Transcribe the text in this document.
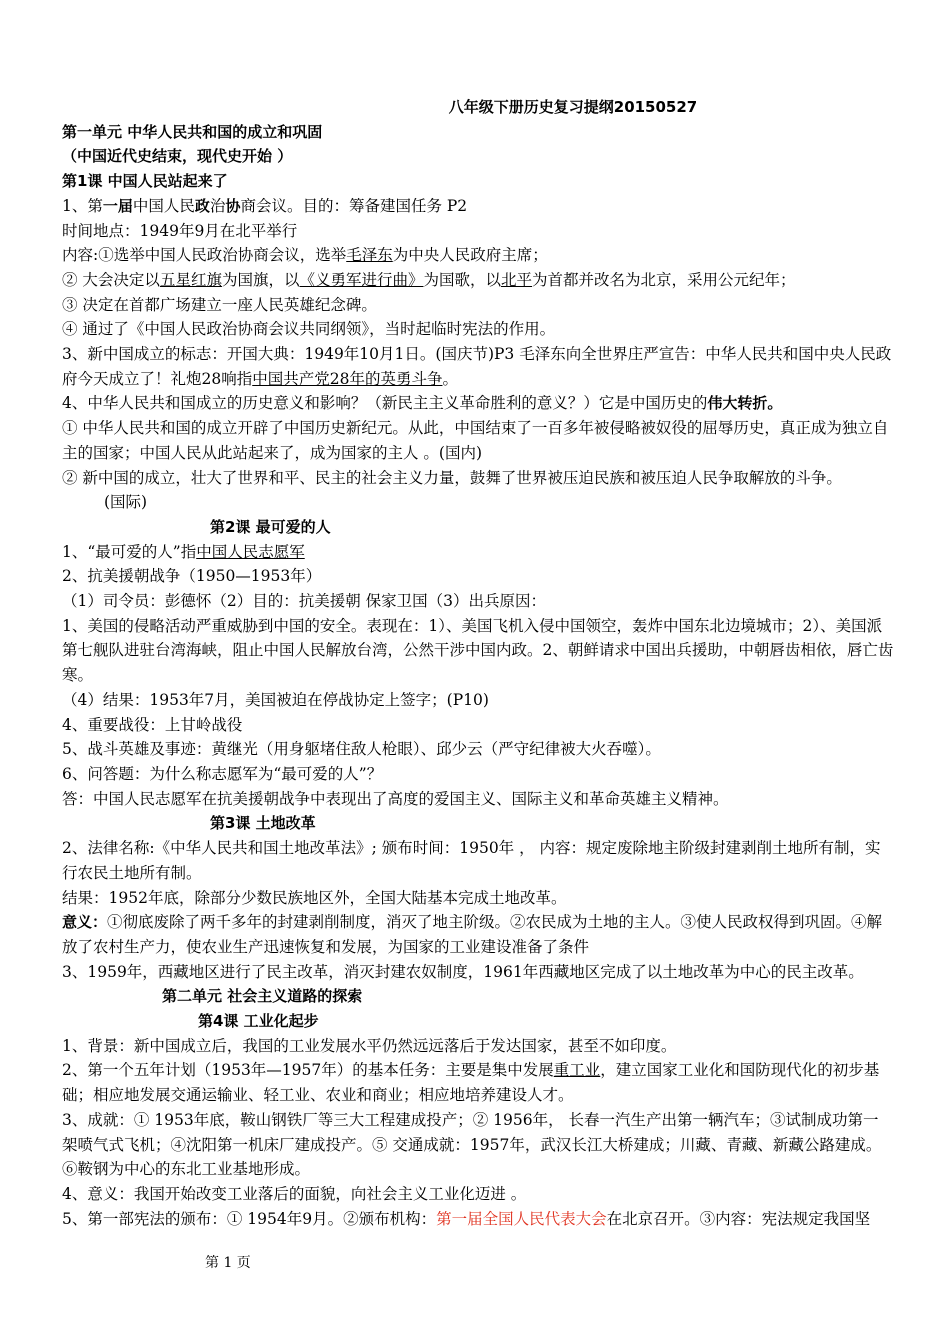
八年级下册历史复习提纲20150527

第一单元 中华人民共和国的成立和巩固

（中国近代史结束，现代史开始 ）

第1课 中国人民站起来了

1、第一届中国人民政治协商会议。目的：筹备建国任务 P2

时间地点：1949年9月在北平举行

内容:①选举中国人民政治协商会议，选举毛泽东为中央人民政府主席；

② 大会决定以五星红旗为国旗，以《义勇军进行曲》为国歌，以北平为首都并改名为北京，采用公元纪年；

③ 决定在首都广场建立一座人民英雄纪念碑。

④ 通过了《中国人民政治协商会议共同纲领》，当时起临时宪法的作用。

3、新中国成立的标志：开国大典：1949年10月1日。(国庆节)P3 毛泽东向全世界庄严宣告：中华人民共和国中央人民政府今天成立了！礼炮28响指中国共产党28年的英勇斗争。

4、中华人民共和国成立的历史意义和影响？（新民主主义革命胜利的意义？）它是中国历史的伟大转折。

① 中华人民共和国的成立开辟了中国历史新纪元。从此，中国结束了一百多年被侵略被奴役的屈辱历史，真正成为独立自主的国家；中国人民从此站起来了，成为国家的主人 。(国内)

② 新中国的成立，壮大了世界和平、民主的社会主义力量，鼓舞了世界被压迫民族和被压迫人民争取解放的斗争。

(国际)

第2课 最可爱的人

1、“最可爱的人”指中国人民志愿军

2、抗美援朝战争（1950—1953年）

（1）司令员：彭德怀（2）目的：抗美援朝 保家卫国（3）出兵原因：

1、美国的侵略活动严重威胁到中国的安全。表现在：1）、美国飞机入侵中国领空，轰炸中国东北边境城市；2）、美国派第七舰队进驻台湾海峡，阻止中国人民解放台湾，公然干涉中国内政。2、朝鲜请求中国出兵援助，中朝唇齿相依，唇亡齿寒。

（4）结果：1953年7月，美国被迫在停战协定上签字；(P10)

4、重要战役：上甘岭战役

5、战斗英雄及事迹：黄继光（用身躯堵住敌人枪眼）、邱少云（严守纪律被大火吞噬）。

6、问答题：为什么称志愿军为“最可爱的人”？

答：中国人民志愿军在抗美援朝战争中表现出了高度的爱国主义、国际主义和革命英雄主义精神。

第3课 土地改革

2、法律名称:《中华人民共和国土地改革法》; 颁布时间：1950年 ， 内容：规定废除地主阶级封建剥削土地所有制，实行农民土地所有制。

结果：1952年底，除部分少数民族地区外，全国大陆基本完成土地改革。

意义：①彻底废除了两千多年的封建剥削制度，消灭了地主阶级。②农民成为土地的主人。③使人民政权得到巩固。④解放了农村生产力，使农业生产迅速恢复和发展，为国家的工业建设准备了条件

3、1959年，西藏地区进行了民主改革，消灭封建农奴制度，1961年西藏地区完成了以土地改革为中心的民主改革。

第二单元 社会主义道路的探索

第4课 工业化起步

1、背景：新中国成立后，我国的工业发展水平仍然远远落后于发达国家，甚至不如印度。

2、第一个五年计划（1953年—1957年）的基本任务：主要是集中发展重工业，建立国家工业化和国防现代化的初步基础；相应地发展交通运输业、轻工业、农业和商业；相应地培养建设人才。

3、成就：① 1953年底，鞍山钢铁厂等三大工程建成投产；② 1956年， 长春一汽生产出第一辆汽车；③试制成功第一架喷气式飞机；④沈阳第一机床厂建成投产。⑤ 交通成就：1957年，武汉长江大桥建成；川藏、青藏、新藏公路建成。⑥鞍钢为中心的东北工业基地形成。

4、意义：我国开始改变工业落后的面貌，向社会主义工业化迈进 。

5、第一部宪法的颁布：① 1954年9月。②颁布机构：第一届全国人民代表大会在北京召开。③内容：宪法规定我国坚

第 1 页
